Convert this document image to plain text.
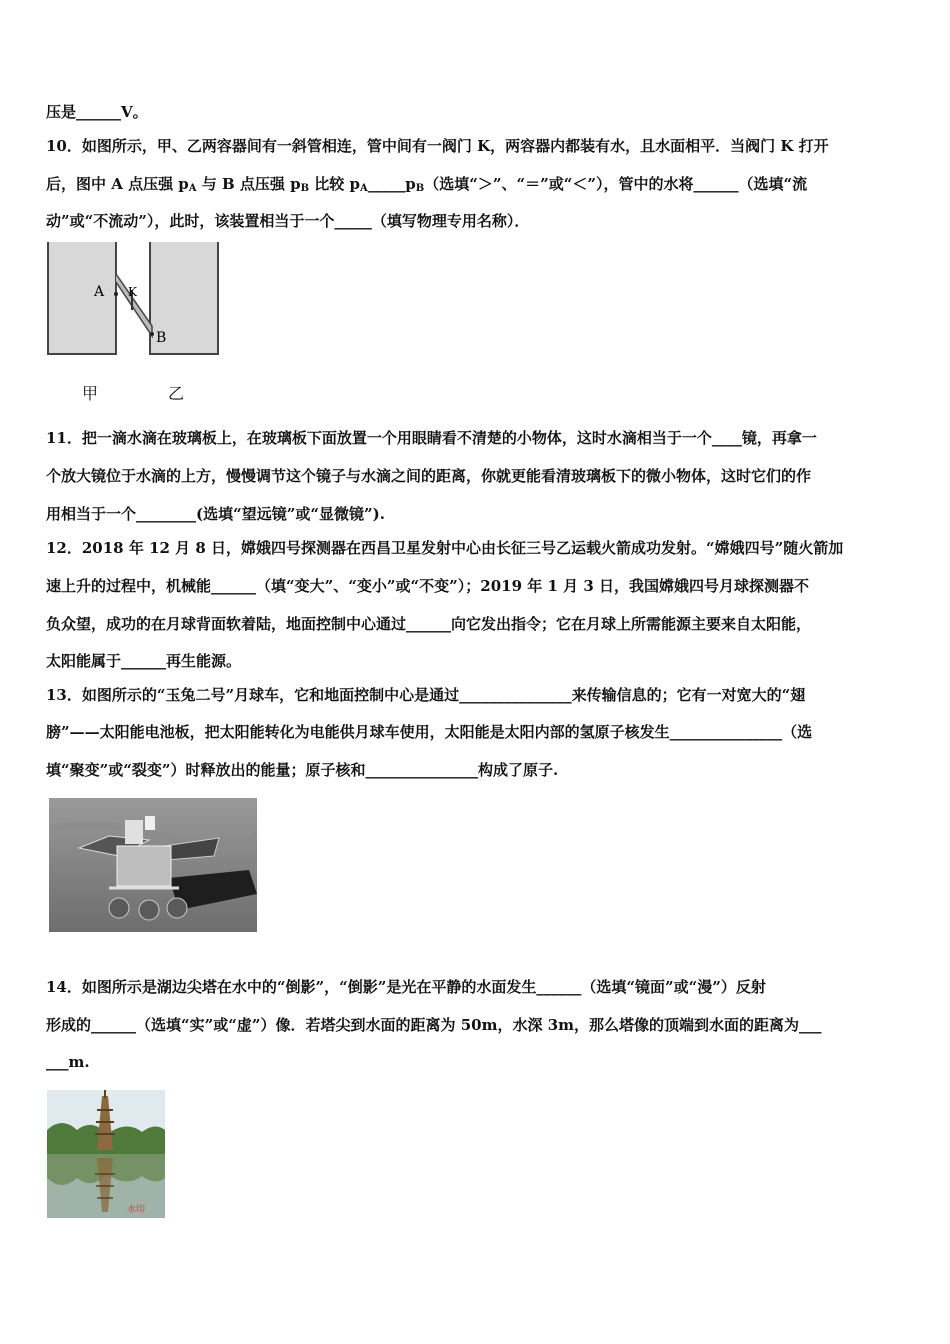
压是______V。
10．如图所示，甲、乙两容器间有一斜管相连，管中间有一阀门 K，两容器内都装有水，且水面相平．当阀门 K 打开
后，图中 A 点压强 $p_A$ 与 B 点压强 $p_B$ 比较 $p_A\_\_\_\_\_p_B$（选填“＞”、“＝”或“＜”），管中的水将______（选填“流
动”或“不流动”），此时，该装置相当于一个_____（填写物理专用名称）．
A K
B
甲	乙
11．把一滴水滴在玻璃板上，在玻璃板下面放置一个用眼睛看不清楚的小物体，这时水滴相当于一个____镜，再拿一
个放大镜位于水滴的上方，慢慢调节这个镜子与水滴之间的距离，你就更能看清玻璃板下的微小物体，这时它们的作
用相当于一个________(选填“望远镜”或“显微镜”).
12．2018 年 12 月 8 日，嫦娥四号探测器在西昌卫星发射中心由长征三号乙运载火箭成功发射。“嫦娥四号”随火箭加
速上升的过程中，机械能______（填“变大”、“变小”或“不变”）；2019 年 1 月 3 日，我国嫦娥四号月球探测器不
负众望，成功的在月球背面软着陆，地面控制中心通过______向它发出指令；它在月球上所需能源主要来自太阳能，
太阳能属于______再生能源。
13．如图所示的“玉兔二号”月球车，它和地面控制中心是通过_______________来传输信息的；它有一对宽大的“翅
膀”——太阳能电池板，把太阳能转化为电能供月球车使用，太阳能是太阳内部的氢原子核发生_______________（选
填“聚变”或“裂变”）时释放出的能量；原子核和_______________构成了原子.
14．如图所示是湖边尖塔在水中的“倒影”，“倒影”是光在平静的水面发生______（选填“镜面”或“漫”）反射
形成的______（选填“实”或“虚”）像．若塔尖到水面的距离为 50m，水深 3m，那么塔像的顶端到水面的距离为___
___m.
水印
